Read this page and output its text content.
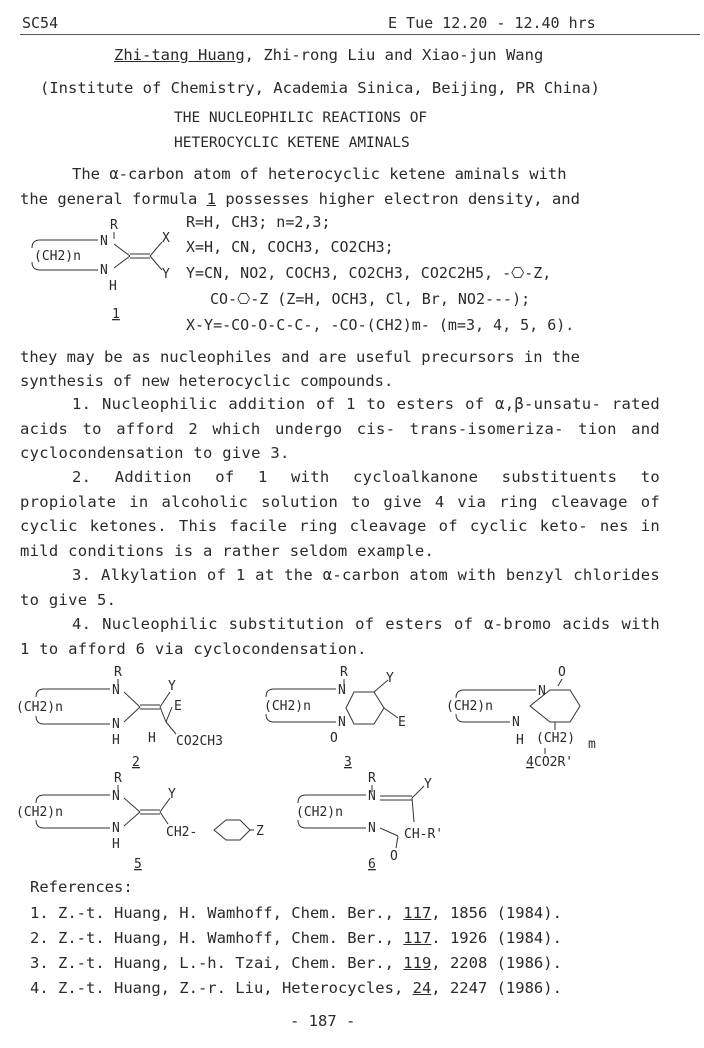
SC54	E Tue 12.20 - 12.40 hrs
Zhi-tang Huang, Zhi-rong Liu and Xiao-jun Wang
(Institute of Chemistry, Academia Sinica, Beijing, PR China)
THE NUCLEOPHILIC REACTIONS OF
HETEROCYCLIC KETENE AMINALS
The α-carbon atom of heterocyclic ketene aminals with
the general formula 1 possesses higher electron density, and
R
N
N
H
(CH2)n
X
Y
1
R=H, CH3; n=2,3;
X=H, CN, COCH3, CO2CH3;
Y=CN, NO2, COCH3, CO2CH3, CO2C2H5, -⎔-Z,
CO-⎔-Z (Z=H, OCH3, Cl, Br, NO2---);
X-Y=-CO-O-C-C-, -CO-(CH2)m- (m=3, 4, 5, 6).
they may be as nucleophiles and are useful precursors in the
synthesis of new heterocyclic compounds.
1. Nucleophilic addition of 1 to esters of α,β-unsatu- rated acids to afford 2 which undergo cis- trans-isomeriza- tion and cyclocondensation to give 3.
2. Addition of 1 with cycloalkanone substituents to propiolate in alcoholic solution to give 4 via ring cleavage of cyclic ketones. This facile ring cleavage of cyclic keto- nes in mild conditions is a rather seldom example.
3. Alkylation of 1 at the α-carbon atom with benzyl chlorides to give 5.
4. Nucleophilic substitution of esters of α-bromo acids with 1 to afford 6 via cyclocondensation.
R
N
N
H
(CH2)n
Y
H
E
CO2CH3
2
R
N
N
O
(CH2)n
Y
E
3
O
N
N
H
(CH2)n
(CH2) m
CO2R'
4
R
N
N
H
(CH2)n
Y
CH2-	Z
5
R
N
N
(CH2)n
Y
CH-R'
O
6
References:
1. Z.-t. Huang, H. Wamhoff, Chem. Ber., 117, 1856 (1984).
2. Z.-t. Huang, H. Wamhoff, Chem. Ber., 117. 1926 (1984).
3. Z.-t. Huang, L.-h. Tzai, Chem. Ber., 119, 2208 (1986).
4. Z.-t. Huang, Z.-r. Liu, Heterocycles, 24, 2247 (1986).
- 187 -
